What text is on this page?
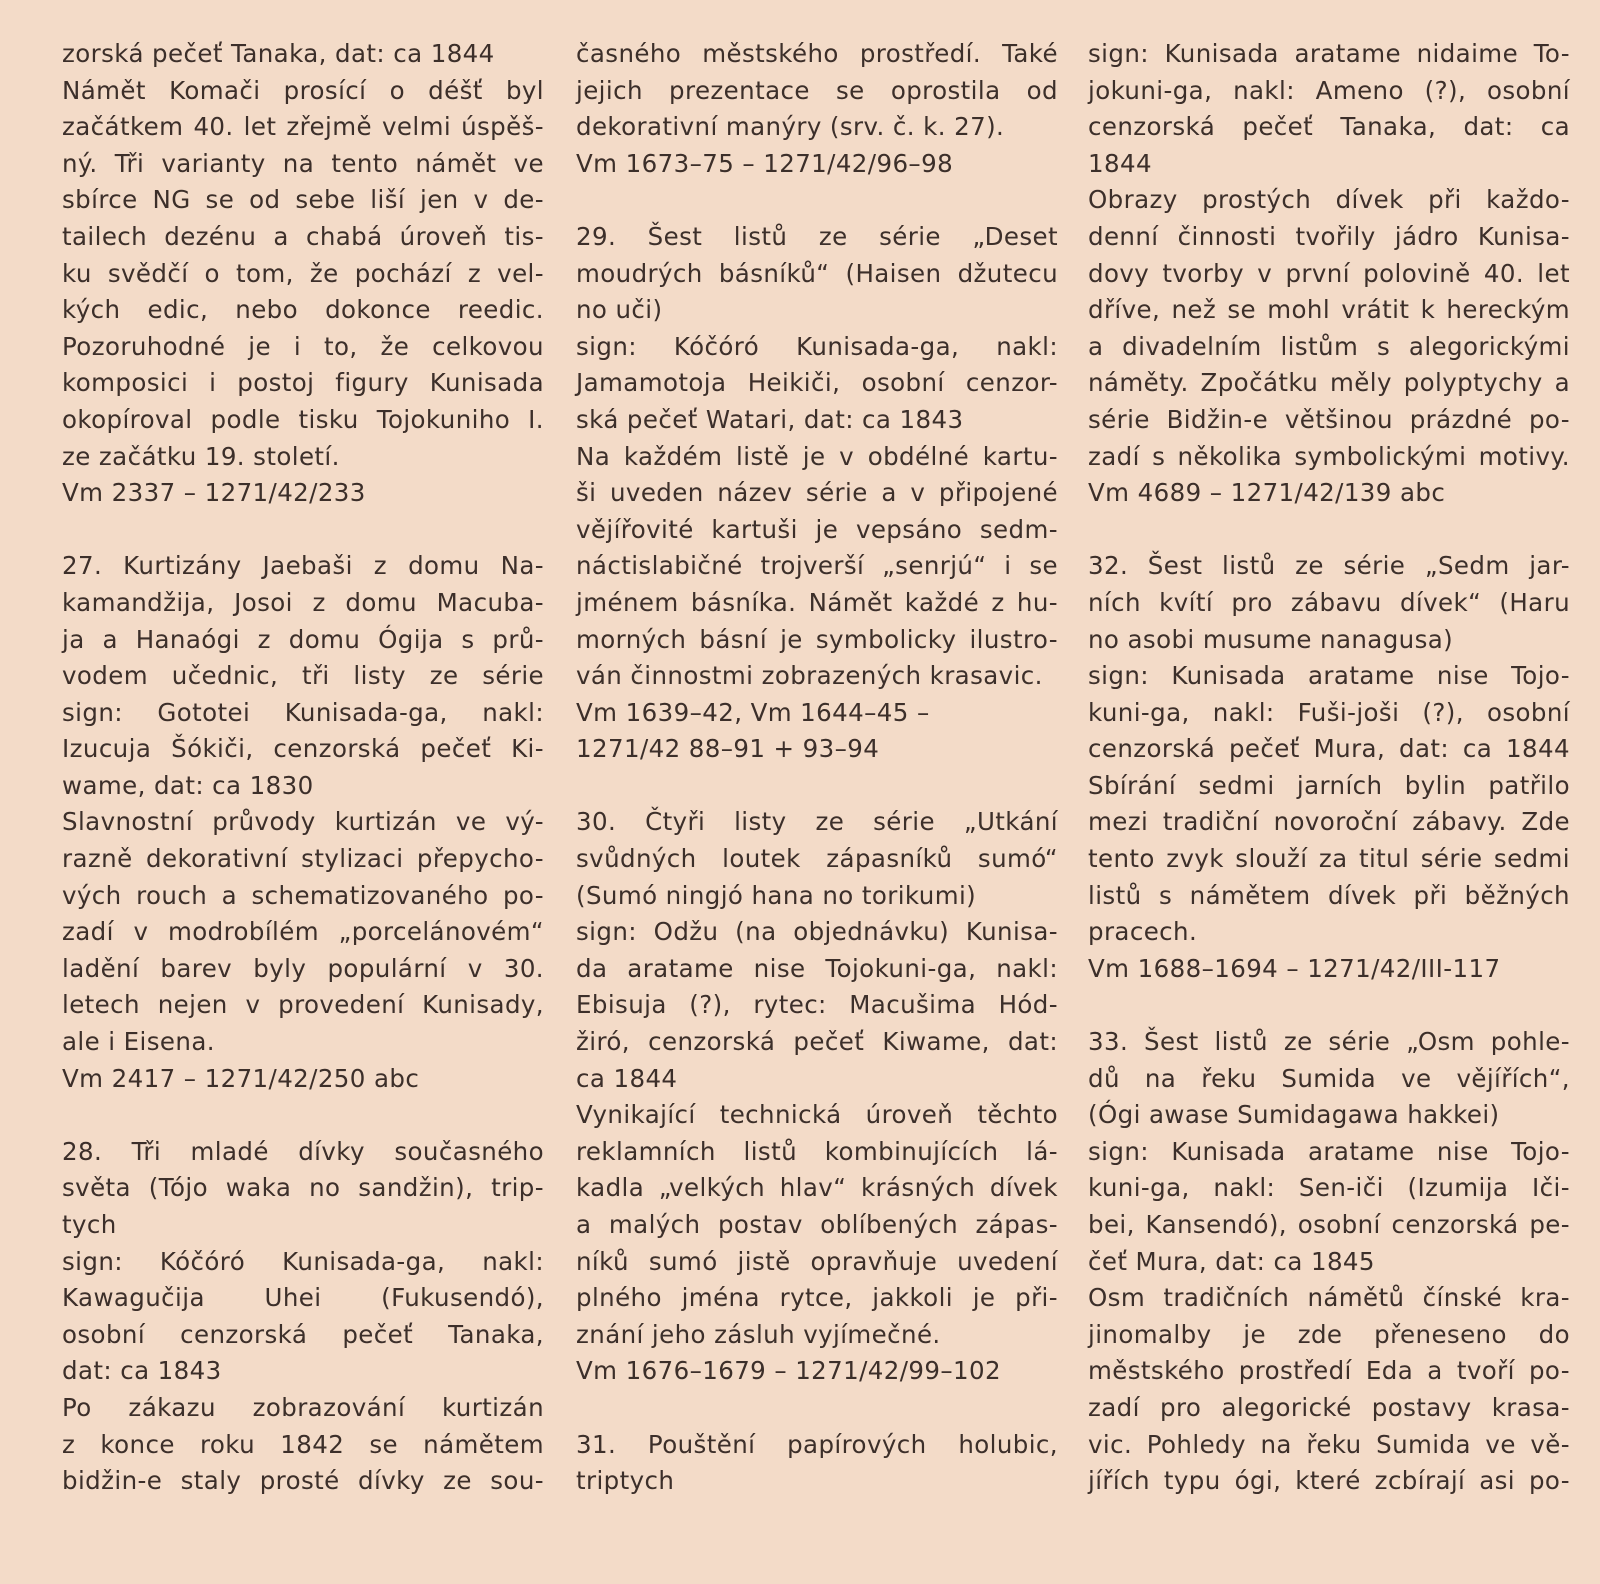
zorská pečeť Tanaka, dat: ca 1844
Námět Komači prosící o déšť byl
začátkem 40. let zřejmě velmi úspěš-
ný. Tři varianty na tento námět ve
sbírce NG se od sebe liší jen v de-
tailech dezénu a chabá úroveň tis-
ku svědčí o tom, že pochází z vel-
kých edic, nebo dokonce reedic.
Pozoruhodné je i to, že celkovou
komposici i postoj figury Kunisada
okopíroval podle tisku Tojokuniho I.
ze začátku 19. století.
Vm 2337 – 1271/42/233
27. Kurtizány Jaebaši z domu Na-
kamandžija, Josoi z domu Macuba-
ja a Hanaógi z domu Ógija s prů-
vodem učednic, tři listy ze série
sign: Gototei Kunisada-ga, nakl:
Izucuja Šókiči, cenzorská pečeť Ki-
wame, dat: ca 1830
Slavnostní průvody kurtizán ve vý-
razně dekorativní stylizaci přepycho-
vých rouch a schematizovaného po-
zadí v modrobílém „porcelánovém“
ladění barev byly populární v 30.
letech nejen v provedení Kunisady,
ale i Eisena.
Vm 2417 – 1271/42/250 abc
28. Tři mladé dívky současného
světa (Tójo waka no sandžin), trip-
tych
sign: Kóčóró Kunisada-ga, nakl:
Kawagučija Uhei (Fukusendó),
osobní cenzorská pečeť Tanaka,
dat: ca 1843
Po zákazu zobrazování kurtizán
z konce roku 1842 se námětem
bidžin-e staly prosté dívky ze sou-
časného městského prostředí. Také
jejich prezentace se oprostila od
dekorativní manýry (srv. č. k. 27).
Vm 1673–75 – 1271/42/96–98
29. Šest listů ze série „Deset
moudrých básníků“ (Haisen džutecu
no uči)
sign: Kóčóró Kunisada-ga, nakl:
Jamamotoja Heikiči, osobní cenzor-
ská pečeť Watari, dat: ca 1843
Na každém listě je v obdélné kartu-
ši uveden název série a v připojené
vějířovité kartuši je vepsáno sedm-
náctislabičné trojverší „senrjú“ i se
jménem básníka. Námět každé z hu-
morných básní je symbolicky ilustro-
ván činnostmi zobrazených krasavic.
Vm 1639–42, Vm 1644–45 –
1271/42 88–91 + 93–94
30. Čtyři listy ze série „Utkání
svůdných loutek zápasníků sumó“
(Sumó ningjó hana no torikumi)
sign: Odžu (na objednávku) Kunisa-
da aratame nise Tojokuni-ga, nakl:
Ebisuja (?), rytec: Macušima Hód-
žiró, cenzorská pečeť Kiwame, dat:
ca 1844
Vynikající technická úroveň těchto
reklamních listů kombinujících lá-
kadla „velkých hlav“ krásných dívek
a malých postav oblíbených zápas-
níků sumó jistě opravňuje uvedení
plného jména rytce, jakkoli je při-
znání jeho zásluh vyjímečné.
Vm 1676–1679 – 1271/42/99–102
31. Pouštění papírových holubic,
triptych
sign: Kunisada aratame nidaime To-
jokuni-ga, nakl: Ameno (?), osobní
cenzorská pečeť Tanaka, dat: ca
1844
Obrazy prostých dívek při každo-
denní činnosti tvořily jádro Kunisa-
dovy tvorby v první polovině 40. let
dříve, než se mohl vrátit k hereckým
a divadelním listům s alegorickými
náměty. Zpočátku měly polyptychy a
série Bidžin-e většinou prázdné po-
zadí s několika symbolickými motivy.
Vm 4689 – 1271/42/139 abc
32. Šest listů ze série „Sedm jar-
ních kvítí pro zábavu dívek“ (Haru
no asobi musume nanagusa)
sign: Kunisada aratame nise Tojo-
kuni-ga, nakl: Fuši-joši (?), osobní
cenzorská pečeť Mura, dat: ca 1844
Sbírání sedmi jarních bylin patřilo
mezi tradiční novoroční zábavy. Zde
tento zvyk slouží za titul série sedmi
listů s námětem dívek při běžných
pracech.
Vm 1688–1694 – 1271/42/III-117
33. Šest listů ze série „Osm pohle-
dů na řeku Sumida ve vějířích“,
(Ógi awase Sumidagawa hakkei)
sign: Kunisada aratame nise Tojo-
kuni-ga, nakl: Sen-iči (Izumija Iči-
bei, Kansendó), osobní cenzorská pe-
čeť Mura, dat: ca 1845
Osm tradičních námětů čínské kra-
jinomalby je zde přeneseno do
městského prostředí Eda a tvoří po-
zadí pro alegorické postavy krasa-
vic. Pohledy na řeku Sumida ve vě-
jířích typu ógi, které zcbírají asi po-
